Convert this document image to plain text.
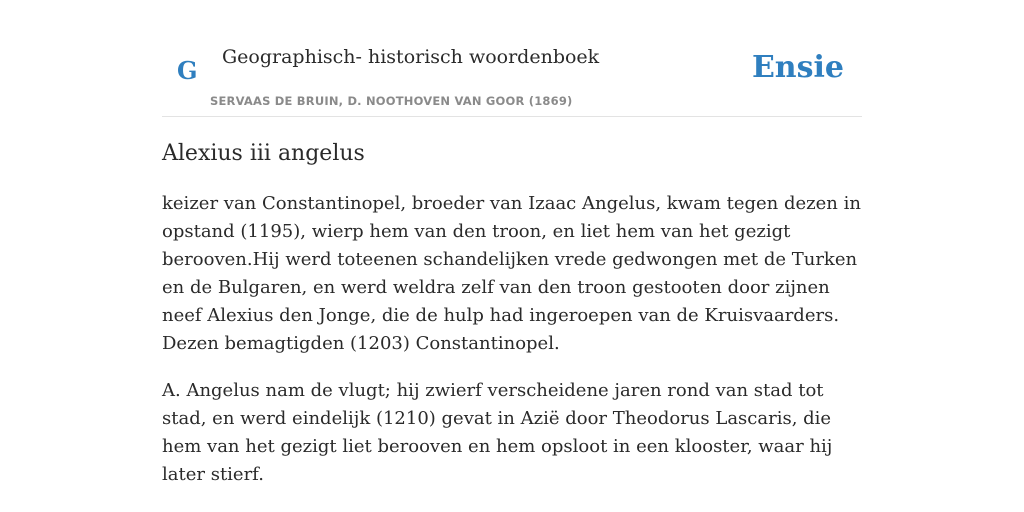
G Geographisch- historisch woordenboek
SERVAAS DE BRUIN, D. NOOTHOVEN VAN GOOR (1869)
Ensie
Alexius iii angelus

keizer van Constantinopel, broeder van Izaac Angelus, kwam tegen dezen in opstand (1195), wierp hem van den troon, en liet hem van het gezigt berooven.Hij werd toteenen schandelijken vrede gedwongen met de Turken en de Bulgaren, en werd weldra zelf van den troon gestooten door zijnen neef Alexius den Jonge, die de hulp had ingeroepen van de Kruisvaarders. Dezen bemagtigden (1203) Constantinopel.

A. Angelus nam de vlugt; hij zwierf verscheidene jaren rond van stad tot stad, en werd eindelijk (1210) gevat in Azië door Theodorus Lascaris, die hem van het gezigt liet berooven en hem opsloot in een klooster, waar hij later stierf.
